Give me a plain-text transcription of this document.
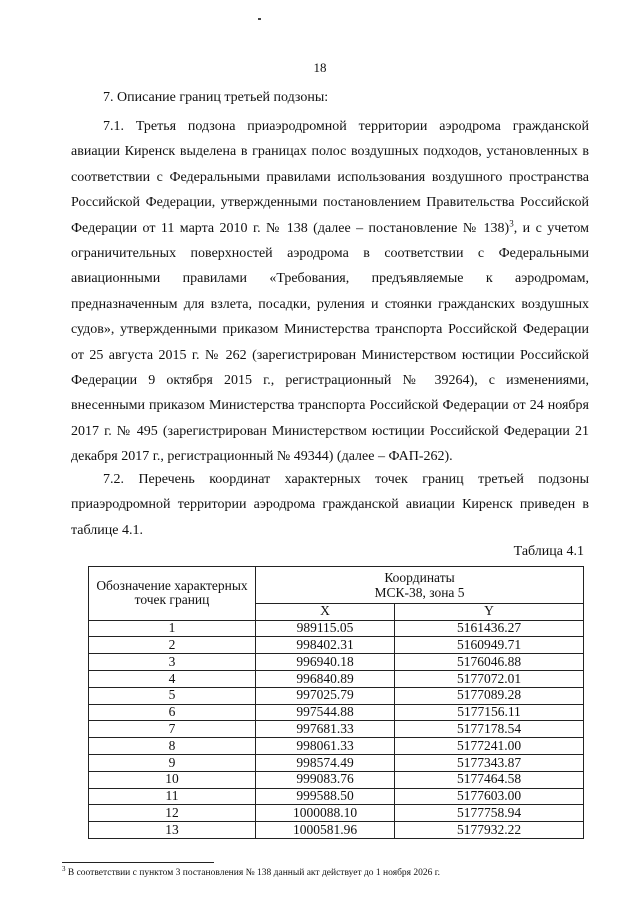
18
7. Описание границ третьей подзоны:
7.1. Третья подзона приаэродромной территории аэродрома гражданской авиации Киренск выделена в границах полос воздушных подходов, установленных в соответствии с Федеральными правилами использования воздушного пространства Российской Федерации, утвержденными постановлением Правительства Российской Федерации от 11 марта 2010 г. № 138 (далее – постановление № 138)$^3$, и с учетом ограничительных поверхностей аэродрома в соответствии с Федеральными авиационными правилами «Требования, предъявляемые к аэродромам, предназначенным для взлета, посадки, руления и стоянки гражданских воздушных судов», утвержденными приказом Министерства транспорта Российской Федерации от 25 августа 2015 г. № 262 (зарегистрирован Министерством юстиции Российской Федерации 9 октября 2015 г., регистрационный № 39264), с изменениями, внесенными приказом Министерства транспорта Российской Федерации от 24 ноября 2017 г. № 495 (зарегистрирован Министерством юстиции Российской Федерации 21 декабря 2017 г., регистрационный № 49344) (далее – ФАП-262).
7.2. Перечень координат характерных точек границ третьей подзоны приаэродромной территории аэродрома гражданской авиации Киренск приведен в таблице 4.1.
Таблица 4.1
Обозначение характерных точек границ	Координаты
МСК-38, зона 5	

	X	Y
1	989115.05	5161436.27
2	998402.31	5160949.71
3	996940.18	5176046.88
4	996840.89	5177072.01
5	997025.79	5177089.28
6	997544.88	5177156.11
7	997681.33	5177178.54
8	998061.33	5177241.00
9	998574.49	5177343.87
10	999083.76	5177464.58
11	999588.50	5177603.00
12	1000088.10	5177758.94
13	1000581.96	5177932.22
$^3$ В соответствии с пунктом 3 постановления № 138 данный акт действует до 1 ноября 2026 г.
